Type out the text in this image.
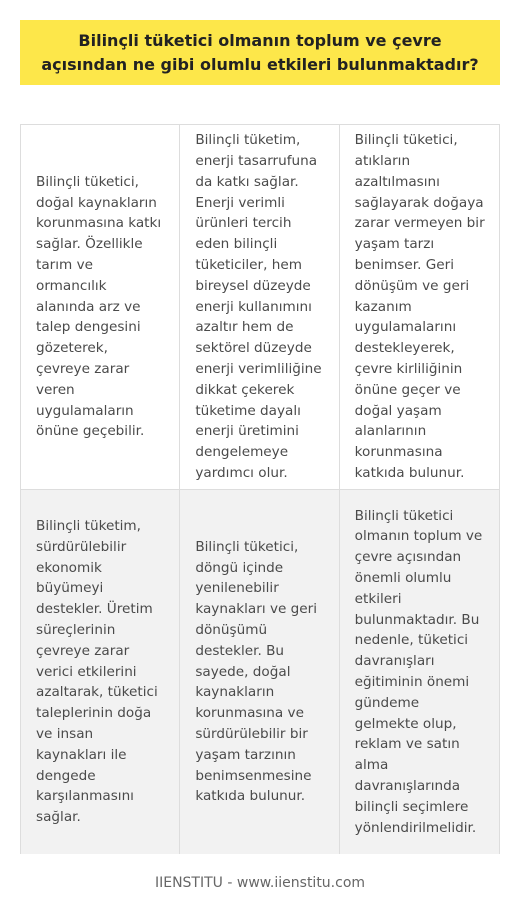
Bilinçli tüketici olmanın toplum ve çevre açısından ne gibi olumlu etkileri bulunmaktadır?

Bilinçli tüketici, doğal kaynakların korunmasına katkı sağlar. Özellikle tarım ve ormancılık alanında arz ve talep dengesini gözeterek, çevreye zarar veren uygulamaların önüne geçebilir.

Bilinçli tüketim, enerji tasarrufuna da katkı sağlar. Enerji verimli ürünleri tercih eden bilinçli tüketiciler, hem bireysel düzeyde enerji kullanımını azaltır hem de sektörel düzeyde enerji verimliliğine dikkat çekerek tüketime dayalı enerji üretimini dengelemeye yardımcı olur.

Bilinçli tüketici, atıkların azaltılmasını sağlayarak doğaya zarar vermeyen bir yaşam tarzı benimser. Geri dönüşüm ve geri kazanım uygulamalarını destekleyerek, çevre kirliliğinin önüne geçer ve doğal yaşam alanlarının korunmasına katkıda bulunur.

Bilinçli tüketim, sürdürülebilir ekonomik büyümeyi destekler. Üretim süreçlerinin çevreye zarar verici etkilerini azaltarak, tüketici taleplerinin doğa ve insan kaynakları ile dengede karşılanmasını sağlar.

Bilinçli tüketici, döngü içinde yenilenebilir kaynakları ve geri dönüşümü destekler. Bu sayede, doğal kaynakların korunmasına ve sürdürülebilir bir yaşam tarzının benimsenmesine katkıda bulunur.

Bilinçli tüketici olmanın toplum ve çevre açısından önemli olumlu etkileri bulunmaktadır. Bu nedenle, tüketici davranışları eğitiminin önemi gündeme gelmekte olup, reklam ve satın alma davranışlarında bilinçli seçimlere yönlendirilmelidir.

IIENSTITU - www.iienstitu.com
